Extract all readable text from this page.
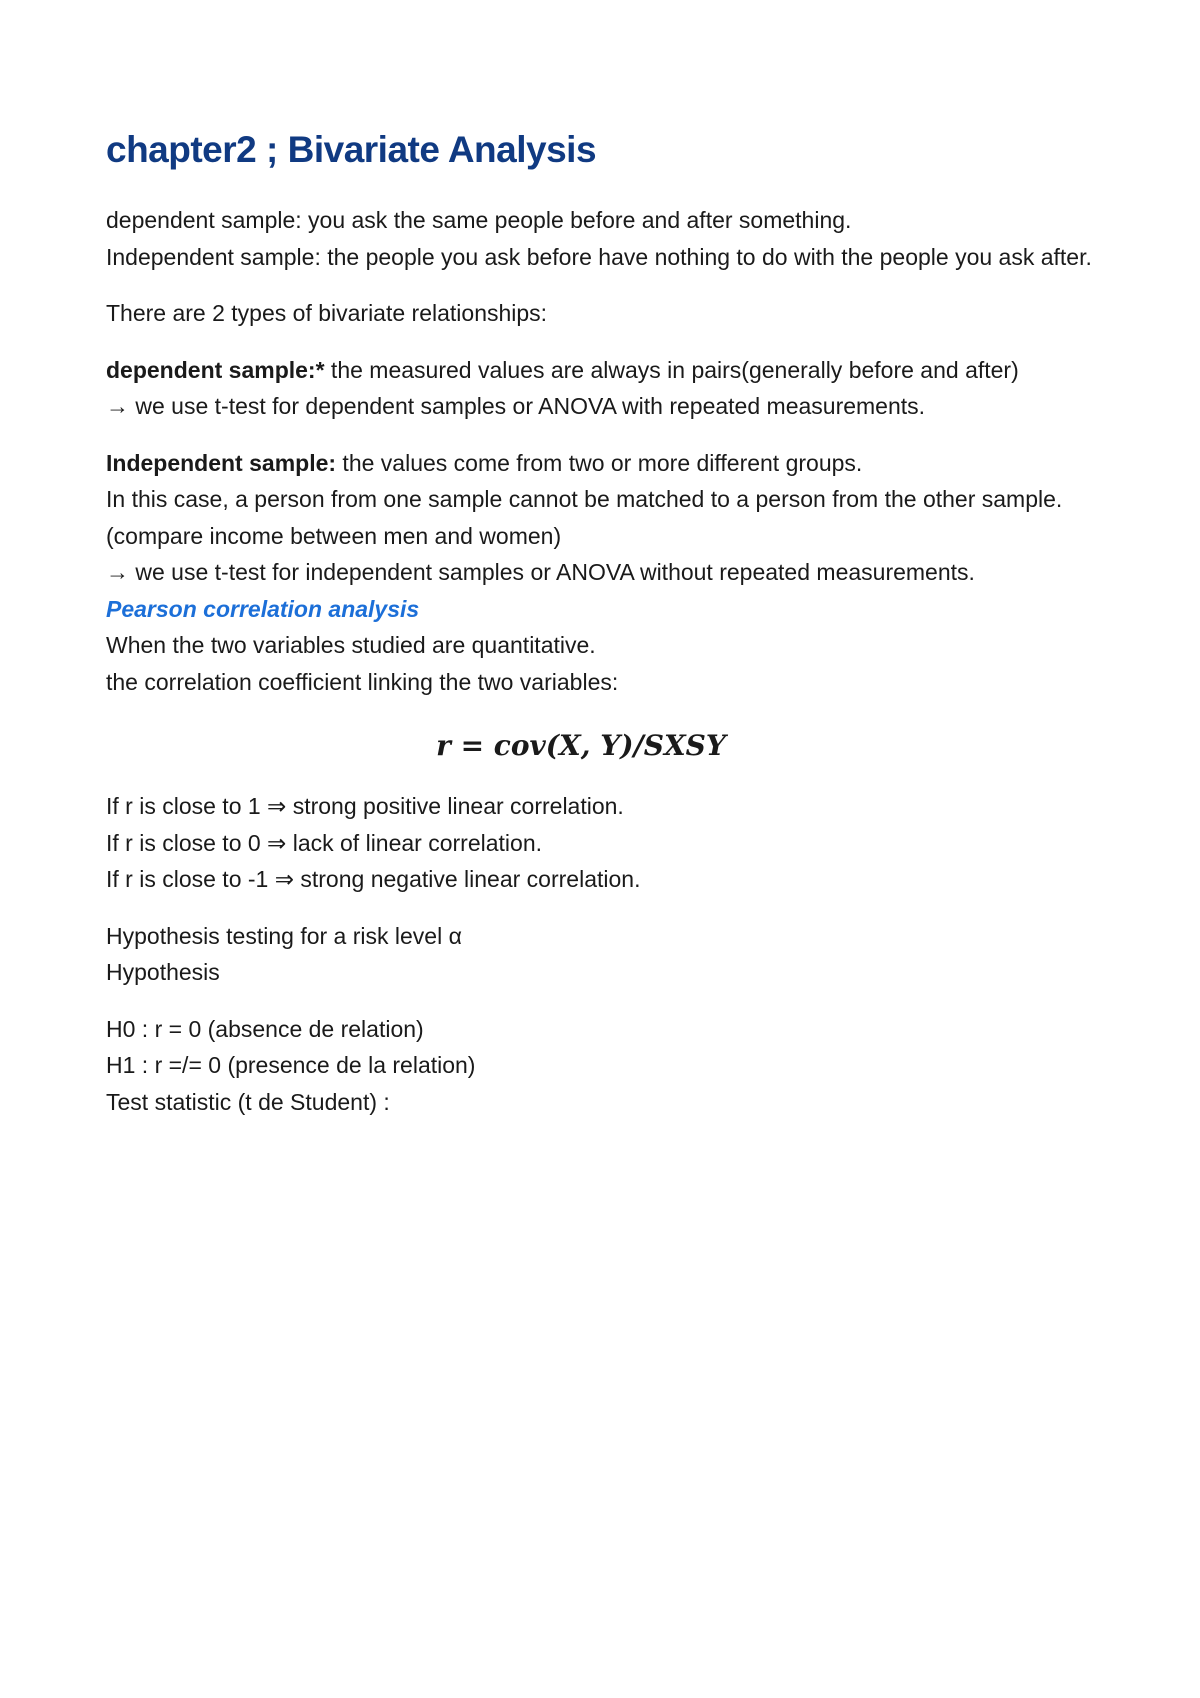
chapter2 ; Bivariate Analysis

dependent sample: you ask the same people before and after something.

Independent sample: the people you ask before have nothing to do with the people you ask after.

There are 2 types of bivariate relationships:

dependent sample:* the measured values are always in pairs(generally before and after)

→ we use t-test for dependent samples or ANOVA with repeated measurements.

Independent sample: the values come from two or more different groups.

In this case, a person from one sample cannot be matched to a person from the other sample.

(compare income between men and women)

→ we use t-test for independent samples or ANOVA without repeated measurements.

Pearson correlation analysis

When the two variables studied are quantitative.

the correlation coefficient linking the two variables:

r = cov(X, Y)/SXSY

If r is close to 1 ⇒ strong positive linear correlation.

If r is close to 0 ⇒ lack of linear correlation.

If r is close to -1 ⇒ strong negative linear correlation.

Hypothesis testing for a risk level α

Hypothesis

H0 : r = 0 (absence de relation)

H1 : r =/= 0 (presence de la relation)

Test statistic (t de Student) :
